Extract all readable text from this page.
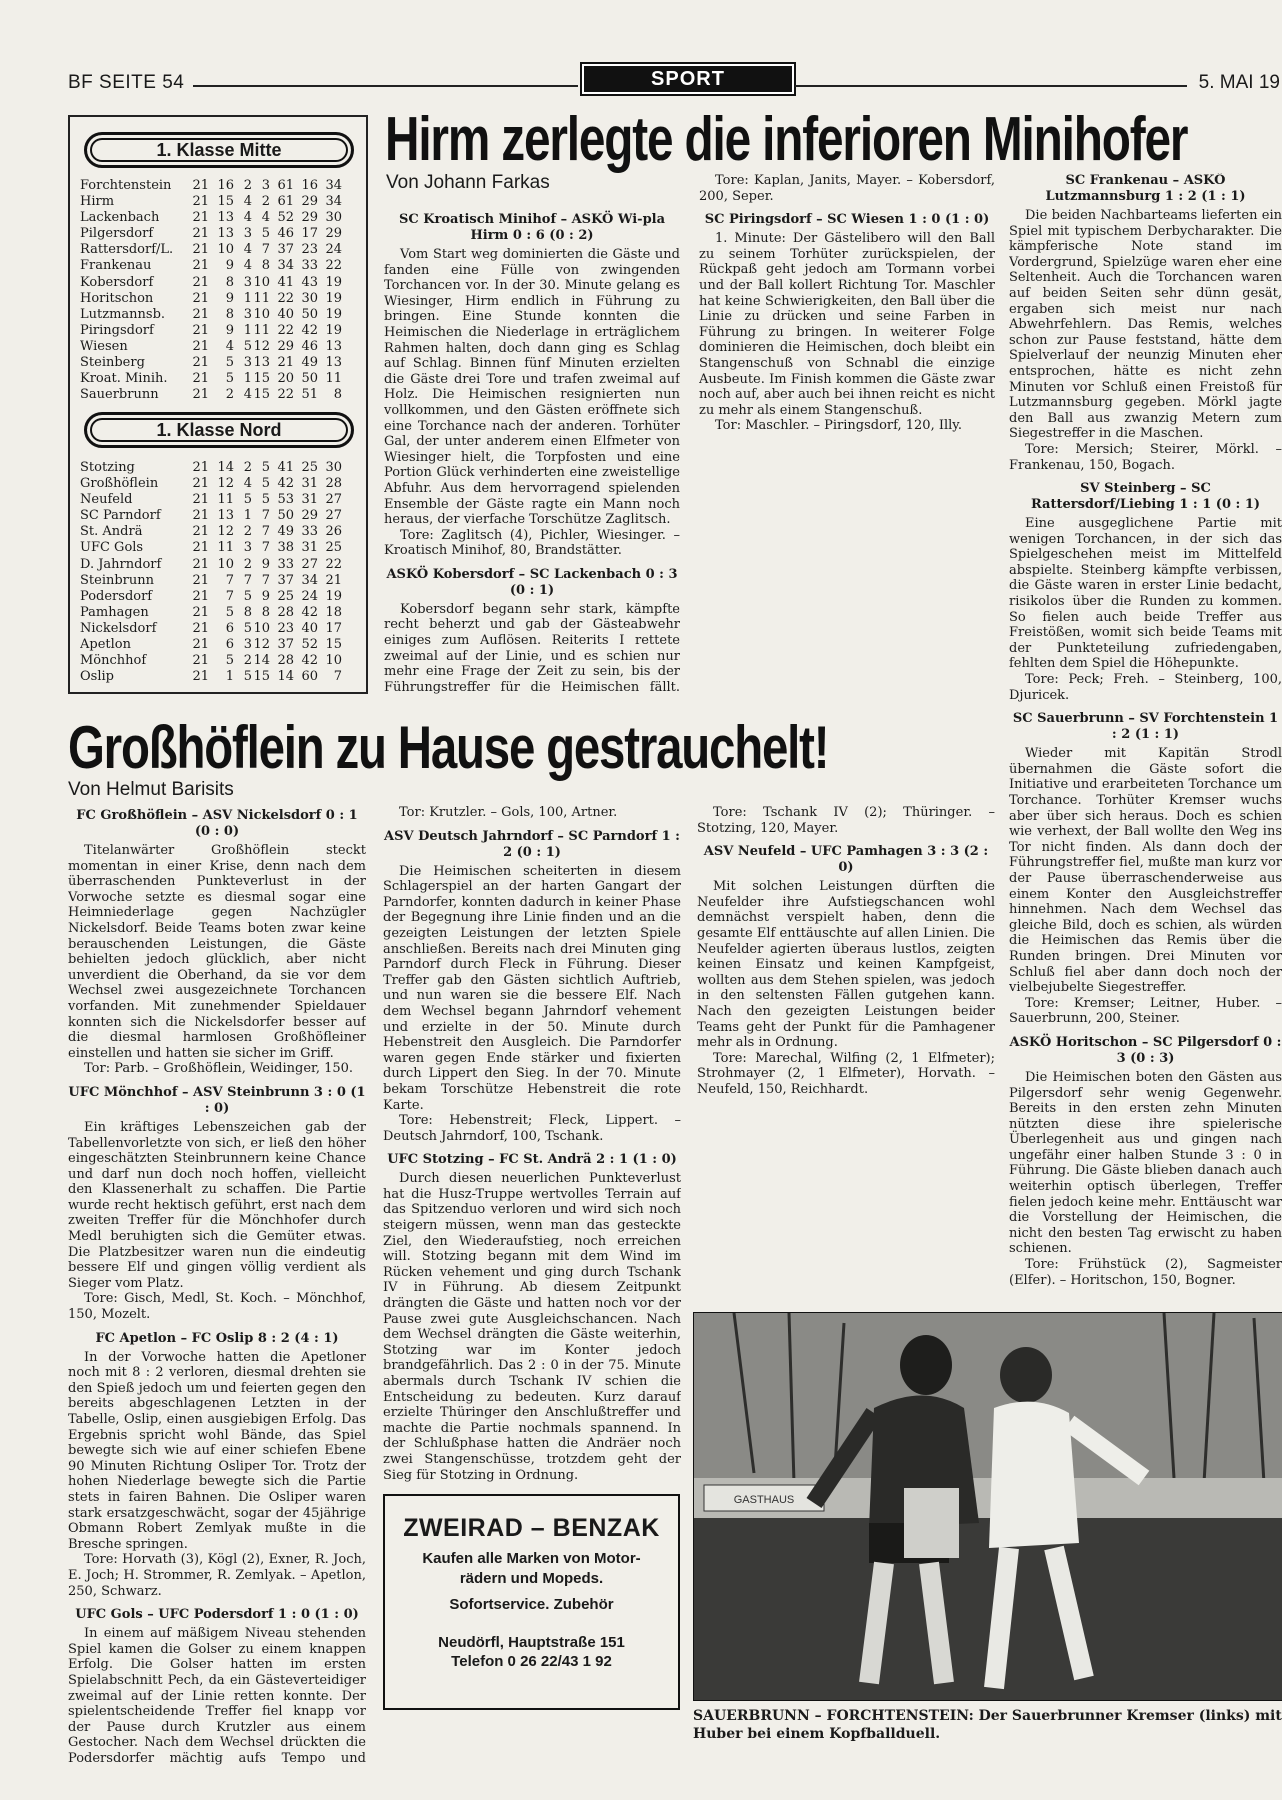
BF SEITE 54	SPORT	5. MAI 19
1. Klasse Mitte
Forchtenstein	21 16 2 3 61 16 34
Hirm	21 15 4 2 61 29 34
Lackenbach	21 13 4 4 52 29 30
Pilgersdorf	21 13 3 5 46 17 29
Rattersdorf/L.	21 10 4 7 37 23 24
Frankenau	21	9 4 8 34 33 22
Kobersdorf	21	8 3 10 41 43 19
Horitschon	21	9 1 11 22 30 19
Lutzmannsb.	21	8 3 10 40 50 19
Piringsdorf	21	9 1 11 22 42 19
Wiesen	21	4 5 12 29 46 13
Steinberg	21	5 3 13 21 49 13
Kroat. Minih.	21	5 1 15 20 50 11
Sauerbrunn	21	2 4 15 22 51	8
1. Klasse Nord
Stotzing	21 14 2 5 41 25 30
Großhöflein	21 12 4 5 42 31 28
Neufeld	21 11 5 5 53 31 27
SC Parndorf	21 13 1 7 50 29 27
St. Andrä	21 12 2 7 49 33 26
UFC Gols	21 11 3 7 38 31 25
D. Jahrndorf	21 10 2 9 33 27 22
Steinbrunn	21	7 7 7 37 34 21
Podersdorf	21	7 5 9 25 24 19
Pamhagen	21	5 8 8 28 42 18
Nickelsdorf	21	6 5 10 23 40 17
Apetlon	21	6 3 12 37 52 15
Mönchhof	21	5 2 14 28 42 10
Oslip	21	1 5 15 14 60	7
Hirm zerlegte die inferioren Minihofer
Von Johann Farkas
SC Kroatisch Minihof – ASKÖ Wi-pla Hirm 0 : 6 (0 : 2)

Vom Start weg dominierten die Gäste und fanden eine Fülle von zwingenden Torchancen vor. In der 30. Minute gelang es Wiesinger, Hirm endlich in Führung zu bringen. Eine Stunde konnten die Heimischen die Niederlage in erträglichem Rahmen halten, doch dann ging es Schlag auf Schlag. Binnen fünf Minuten erzielten die Gäste drei Tore und trafen zweimal auf Holz. Die Heimischen resignierten nun vollkommen, und den Gästen eröffnete sich eine Torchance nach der anderen. Torhüter Gal, der unter anderem einen Elfmeter von Wiesinger hielt, die Torpfosten und eine Portion Glück verhinderten eine zweistellige Abfuhr. Aus dem hervorragend spielenden Ensemble der Gäste ragte ein Mann noch heraus, der vierfache Torschütze Zaglitsch.

Tore: Zaglitsch (4), Pichler, Wiesinger. – Kroatisch Minihof, 80, Brandstätter.

ASKÖ Kobersdorf – SC Lackenbach 0 : 3 (0 : 1)

Kobersdorf begann sehr stark, kämpfte recht beherzt und gab der Gästeabwehr einiges zum Auflösen. Reiterits I rettete zweimal auf der Linie, und es schien nur mehr eine Frage der Zeit zu sein, bis der Führungstreffer für die Heimischen fällt.

Tore: Kaplan, Janits, Mayer. – Kobersdorf, 200, Seper.

SC Piringsdorf – SC Wiesen 1 : 0 (1 : 0)

1. Minute: Der Gästelibero will den Ball zu seinem Torhüter zurückspielen, der Rückpaß geht jedoch am Tormann vorbei und der Ball kollert Richtung Tor. Maschler hat keine Schwierigkeiten, den Ball über die Linie zu drücken und seine Farben in Führung zu bringen. In weiterer Folge dominieren die Heimischen, doch bleibt ein Stangenschuß von Schnabl die einzige Ausbeute. Im Finish kommen die Gäste zwar noch auf, aber auch bei ihnen reicht es nicht zu mehr als einem Stangenschuß.

Tor: Maschler. – Piringsdorf, 120, Illy.

SC Frankenau – ASKÖ Lutzmannsburg 1 : 2 (1 : 1)

Die beiden Nachbarteams lieferten ein Spiel mit typischem Derbycharakter. Die kämpferische Note stand im Vordergrund, Spielzüge waren eher eine Seltenheit. Auch die Torchancen waren auf beiden Seiten sehr dünn gesät, ergaben sich meist nur nach Abwehrfehlern. Das Remis, welches schon zur Pause feststand, hätte dem Spielverlauf der neunzig Minuten eher entsprochen, hätte es nicht zehn Minuten vor Schluß einen Freistoß für Lutzmannsburg gegeben. Mörkl jagte den Ball aus zwanzig Metern zum Siegestreffer in die Maschen.

Tore: Mersich; Steirer, Mörkl. – Frankenau, 150, Bogach.

SV Steinberg – SC Rattersdorf/Liebing 1 : 1 (0 : 1)

Eine ausgeglichene Partie mit wenigen Torchancen, in der sich das Spielgeschehen meist im Mittelfeld abspielte. Steinberg kämpfte verbissen, die Gäste waren in erster Linie bedacht, risikolos über die Runden zu kommen. So fielen auch beide Treffer aus Freistößen, womit sich beide Teams mit der Punkteteilung zufriedengaben, fehlten dem Spiel die Höhepunkte.

Tore: Peck; Freh. – Steinberg, 100, Djuricek.

SC Sauerbrunn – SV Forchtenstein 1 : 2 (1 : 1)

Wieder mit Kapitän Strodl übernahmen die Gäste sofort die Initiative und erarbeiteten Torchance um Torchance. Torhüter Kremser wuchs aber über sich heraus. Doch es schien wie verhext, der Ball wollte den Weg ins Tor nicht finden. Als dann doch der Führungstreffer fiel, mußte man kurz vor der Pause überraschenderweise aus einem Konter den Ausgleichstreffer hinnehmen. Nach dem Wechsel das gleiche Bild, doch es schien, als würden die Heimischen das Remis über die Runden bringen. Drei Minuten vor Schluß fiel aber dann doch noch der vielbejubelte Siegestreffer.

Tore: Kremser; Leitner, Huber. – Sauerbrunn, 200, Steiner.

ASKÖ Horitschon – SC Pilgersdorf 0 : 3 (0 : 3)

Die Heimischen boten den Gästen aus Pilgersdorf sehr wenig Gegenwehr. Bereits in den ersten zehn Minuten nützten diese ihre spielerische Überlegenheit aus und gingen nach ungefähr einer halben Stunde 3 : 0 in Führung. Die Gäste blieben danach auch weiterhin optisch überlegen, Treffer fielen jedoch keine mehr. Enttäuscht war die Vorstellung der Heimischen, die nicht den besten Tag erwischt zu haben schienen.

Tore: Frühstück (2), Sagmeister (Elfer). – Horitschon, 150, Bogner.

Großhöflein zu Hause gestrauchelt!
Von Helmut Barisits
FC Großhöflein – ASV Nickelsdorf 0 : 1 (0 : 0)

Titelanwärter Großhöflein steckt momentan in einer Krise, denn nach dem überraschenden Punkteverlust in der Vorwoche setzte es diesmal sogar eine Heimniederlage gegen Nachzügler Nickelsdorf. Beide Teams boten zwar keine berauschenden Leistungen, die Gäste behielten jedoch glücklich, aber nicht unverdient die Oberhand, da sie vor dem Wechsel zwei ausgezeichnete Torchancen vorfanden. Mit zunehmender Spieldauer konnten sich die Nickelsdorfer besser auf die diesmal harmlosen Großhöfleiner einstellen und hatten sie sicher im Griff.

Tor: Parb. – Großhöflein, Weidinger, 150.

UFC Mönchhof – ASV Steinbrunn 3 : 0 (1 : 0)

Ein kräftiges Lebenszeichen gab der Tabellenvorletzte von sich, er ließ den höher eingeschätzten Steinbrunnern keine Chance und darf nun doch noch hoffen, vielleicht den Klassenerhalt zu schaffen. Die Partie wurde recht hektisch geführt, erst nach dem zweiten Treffer für die Mönchhofer durch Medl beruhigten sich die Gemüter etwas. Die Platzbesitzer waren nun die eindeutig bessere Elf und gingen völlig verdient als Sieger vom Platz.

Tore: Gisch, Medl, St. Koch. – Mönchhof, 150, Mozelt.

FC Apetlon – FC Oslip 8 : 2 (4 : 1)

In der Vorwoche hatten die Apetloner noch mit 8 : 2 verloren, diesmal drehten sie den Spieß jedoch um und feierten gegen den bereits abgeschlagenen Letzten in der Tabelle, Oslip, einen ausgiebigen Erfolg. Das Ergebnis spricht wohl Bände, das Spiel bewegte sich wie auf einer schiefen Ebene 90 Minuten Richtung Osliper Tor. Trotz der hohen Niederlage bewegte sich die Partie stets in fairen Bahnen. Die Osliper waren stark ersatzgeschwächt, sogar der 45jährige Obmann Robert Zemlyak mußte in die Bresche springen.

Tore: Horvath (3), Kögl (2), Exner, R. Joch, E. Joch; H. Strommer, R. Zemlyak. – Apetlon, 250, Schwarz.

UFC Gols – UFC Podersdorf 1 : 0 (1 : 0)

In einem auf mäßigem Niveau stehenden Spiel kamen die Golser zu einem knappen Erfolg. Die Golser hatten im ersten Spielabschnitt Pech, da ein Gästeverteidiger zweimal auf der Linie retten konnte. Der spielentscheidende Treffer fiel knapp vor der Pause durch Krutzler aus einem Gestocher. Nach dem Wechsel drückten die Podersdorfer mächtig aufs Tempo und

Tor: Krutzler. – Gols, 100, Artner.

ASV Deutsch Jahrndorf – SC Parndorf 1 : 2 (0 : 1)

Die Heimischen scheiterten in diesem Schlagerspiel an der harten Gangart der Parndorfer, konnten dadurch in keiner Phase der Begegnung ihre Linie finden und an die gezeigten Leistungen der letzten Spiele anschließen. Bereits nach drei Minuten ging Parndorf durch Fleck in Führung. Dieser Treffer gab den Gästen sichtlich Auftrieb, und nun waren sie die bessere Elf. Nach dem Wechsel begann Jahrndorf vehement und erzielte in der 50. Minute durch Hebenstreit den Ausgleich. Die Parndorfer waren gegen Ende stärker und fixierten durch Lippert den Sieg. In der 70. Minute bekam Torschütze Hebenstreit die rote Karte.

Tore: Hebenstreit; Fleck, Lippert. – Deutsch Jahrndorf, 100, Tschank.

UFC Stotzing – FC St. Andrä 2 : 1 (1 : 0)

Durch diesen neuerlichen Punkteverlust hat die Husz-Truppe wertvolles Terrain auf das Spitzenduo verloren und wird sich noch steigern müssen, wenn man das gesteckte Ziel, den Wiederaufstieg, noch erreichen will. Stotzing begann mit dem Wind im Rücken vehement und ging durch Tschank IV in Führung. Ab diesem Zeitpunkt drängten die Gäste und hatten noch vor der Pause zwei gute Ausgleichschancen. Nach dem Wechsel drängten die Gäste weiterhin, Stotzing war im Konter jedoch brandgefährlich. Das 2 : 0 in der 75. Minute abermals durch Tschank IV schien die Entscheidung zu bedeuten. Kurz darauf erzielte Thüringer den Anschlußtreffer und machte die Partie nochmals spannend. In der Schlußphase hatten die Andräer noch zwei Stangenschüsse, trotzdem geht der Sieg für Stotzing in Ordnung.

Tore: Tschank IV (2); Thüringer. – Stotzing, 120, Mayer.

ASV Neufeld – UFC Pamhagen 3 : 3 (2 : 0)

Mit solchen Leistungen dürften die Neufelder ihre Aufstiegschancen wohl demnächst verspielt haben, denn die gesamte Elf enttäuschte auf allen Linien. Die Neufelder agierten überaus lustlos, zeigten keinen Einsatz und keinen Kampfgeist, wollten aus dem Stehen spielen, was jedoch in den seltensten Fällen gutgehen kann. Nach den gezeigten Leistungen beider Teams geht der Punkt für die Pamhagener mehr als in Ordnung.

Tore: Marechal, Wilfing (2, 1 Elfmeter); Strohmayer (2, 1 Elfmeter), Horvath. – Neufeld, 150, Reichhardt.

ZWEIRAD – BENZAK
Kaufen alle Marken von Motor-
rädern und Mopeds.
Sofortservice. Zubehör
Neudörfl, Hauptstraße 151
Telefon 0 26 22/43 1 92
GASTHAUS
SAUERBRUNN – FORCHTENSTEIN: Der Sauerbrunner Kremser (links) mit Huber bei einem Kopfballduell.
